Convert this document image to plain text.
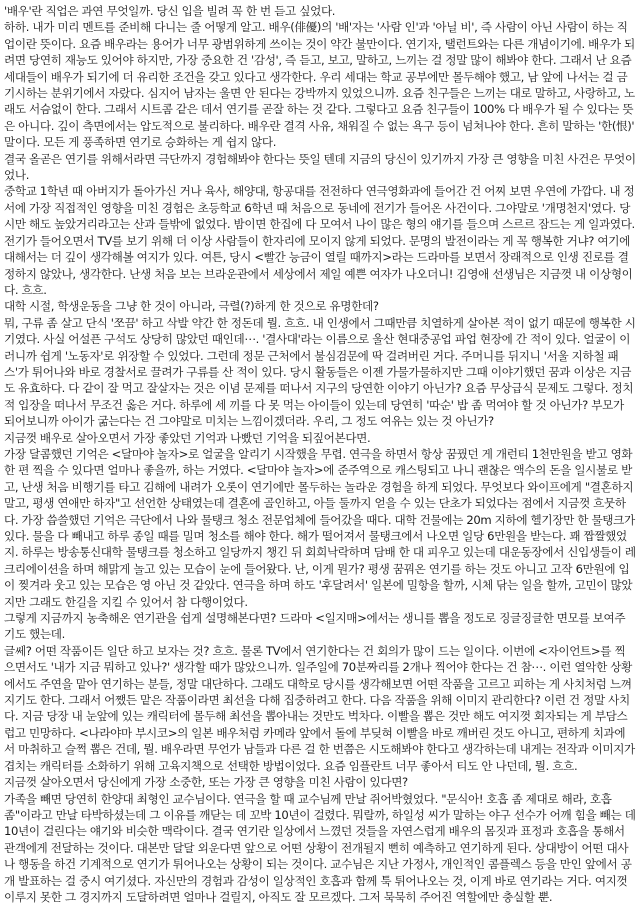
'배우'란 직업은 과연 무엇일까. 당신 입을 빌려 꼭 한 번 듣고 싶었다.

하하. 내가 미리 멘트를 준비해 다니는 줄 어떻게 알고. 배우(俳優)의 '배'자는 '사람 인'과 '아닐 비', 즉 사람이 아닌 사람이 하는 직업이란 뜻이다. 요즘 배우라는 용어가 너무 광범위하게 쓰이는 것이 약간 불만이다. 연기자, 탤런트와는 다른 개념이기에. 배우가 되려면 당연히 재능도 있어야 하지만, 가장 중요한 건 '감성', 즉 듣고, 보고, 말하고, 느끼는 걸 정말 많이 해봐야 한다. 그래서 난 요즘 세대들이 배우가 되기에 더 유리한 조건을 갖고 있다고 생각한다. 우리 세대는 학교 공부에만 몰두해야 했고, 남 앞에 나서는 걸 금기시하는 분위기에서 자랐다. 심지어 남자는 울면 안 된다는 강박까지 있었으니까. 요즘 친구들은 느끼는 대로 말하고, 사랑하고, 노래도 서슴없이 한다. 그래서 시트콤 같은 데서 연기를 곧잘 하는 것 같다. 그렇다고 요즘 친구들이 100% 다 배우가 될 수 있다는 뜻은 아니다. 깊이 측면에서는 압도적으로 불리하다. 배우란 결격 사유, 채워질 수 없는 욕구 등이 넘쳐나야 한다. 흔히 말하는 '한(恨)' 말이다. 모든 게 풍족하면 연기로 승화하는 게 쉽지 않다.

결국 올곧은 연기를 위해서라면 극단까지 경험해봐야 한다는 뜻일 텐데 지금의 당신이 있기까지 가장 큰 영향을 미친 사건은 무엇이었나.

중학교 1학년 때 아버지가 돌아가신 거나 육사, 해양대, 항공대를 전전하다 연극영화과에 들어간 건 어찌 보면 우연에 가깝다. 내 정서에 가장 직접적인 영향을 미친 경험은 초등학교 6학년 때 처음으로 동네에 전기가 들어온 사건이다. 그야말로 '개명천지'였다. 당시만 해도 높았거리라고는 산과 들밖에 없었다. 밤이면 한집에 다 모여서 나이 많은 형의 얘기를 들으며 스르르 잠드는 게 일과였다. 전기가 들어오면서 TV를 보기 위해 더 이상 사람들이 한자리에 모이지 않게 되었다. 문명의 발전이라는 게 꼭 행복한 거냐? 여기에 대해서는 더 깊이 생각해볼 여지가 있다. 여튼, 당시 <빨간 능금이 열릴 때까지>라는 드라마를 보면서 장래적으로 인생 진로를 결정하지 않았나, 생각한다. 난생 처음 보는 브라운관에서 세상에서 제일 예쁜 여자가 나오더니! 김영애 선생님은 지금껏 내 이상형이다. 흐흐.

대학 시절, 학생운동을 그냥 한 것이 아니라, 극렬(?)하게 한 것으로 유명한데?

뭐, 구류 좀 살고 단식 '쪼끔' 하고 삭발 약간 한 정돈데 뭘. 흐흐. 내 인생에서 그때만큼 치열하게 살아본 적이 없기 때문에 행복한 시기였다. 사실 어설픈 구석도 상당히 많았던 때인데⋯. '결사대'라는 이름으로 울산 현대중공업 파업 현장에 간 적이 있다. 얼굴이 이러니까 쉽게 '노동자'로 위장할 수 있었다. 그런데 정문 근처에서 불심검문에 딱 걸려버린 거다. 주머니를 뒤지니 '서울 지하철 패스'가 튀어나와 바로 경찰서로 끌려가 구류를 산 적이 있다. 당시 활동들은 이젠 가물가물하지만 그때 이야기했던 꿈과 이상은 지금도 유효하다. 다 같이 잘 먹고 잘살자는 것은 이념 문제를 떠나서 지구의 당연한 이야기 아닌가? 요즘 무상급식 문제도 그렇다. 정치적 입장을 떠나서 무조건 옳은 거다. 하루에 세 끼를 다 못 먹는 아이들이 있는데 당연히 '따순' 밥 좀 먹여야 할 것 아닌가? 부모가 되어보니까 아이가 굶는다는 건 그야말로 미치는 느낌이겠더라. 우리, 그 정도 여유는 있는 것 아닌가?

지금껏 배우로 살아오면서 가장 좋았던 기억과 나빴던 기억을 되짚어본다면.

가장 달콤했던 기억은 <달마야 놀자>로 얼굴을 알리기 시작했을 무렵. 연극을 하면서 항상 꿈꿨던 게 개런티 1천만원을 받고 영화 한 편 찍을 수 있다면 얼마나 좋을까, 하는 거였다. <달마야 놀자>에 준주역으로 캐스팅되고 나니 괜찮은 액수의 돈을 일시불로 받고, 난생 처음 비행기를 타고 김해에 내려가 오롯이 연기에만 몰두하는 놀라운 경험을 하게 되었다. 무엇보다 와이프에게 "결혼하지 말고, 평생 연애만 하자"고 선언한 상태였는데 결혼에 골인하고, 아들 둘까지 얻을 수 있는 단초가 되었다는 점에서 지금껏 흐뭇하다. 가장 씁쓸했던 기억은 극단에서 나와 물탱크 청소 전문업체에 들어갔을 때다. 대학 건물에는 20m 지하에 헬기장만 한 물탱크가 있다. 물을 다 빼내고 하루 종일 때를 밀며 청소를 해야 한다. 해가 떨어져서 물탱크에서 나오면 일당 6만원을 받는다. 꽤 짭짤했었지. 하루는 방송통신대학 물탱크를 청소하고 일당까지 챙긴 뒤 회희낙락하며 담배 한 대 피우고 있는데 대운동장에서 신입생들이 레크리에이션을 하며 해맑게 놀고 있는 모습이 눈에 들어왔다. 난, 이게 뭔가? 평생 꿈꿔온 연기를 하는 것도 아니고 고작 6만원에 입이 찢겨라 웃고 있는 모습은 영 아닌 것 같았다. 연극을 하며 하도 '후달려서' 일본에 밀항을 할까, 시체 닦는 일을 할까, 고민이 많았지만 그래도 한길을 지킬 수 있어서 참 다행이었다.

그렇게 지금까지 농축해온 연기관을 쉽게 설명해본다면? 드라마 <일지매>에서는 생니를 뽑을 정도로 징글징글한 면모를 보여주기도 했는데.

글쎄? 어떤 작품이든 일단 하고 보자는 것? 흐흐. 물론 TV에서 연기한다는 건 회의가 많이 드는 일이다. 이번에 <자이언트>를 찍으면서도 '내가 지금 뭐하고 있나?' 생각할 때가 많았으니까. 일주일에 70분짜리를 2개나 찍어야 한다는 건 참⋯. 이런 열악한 상황에서도 주연을 맡아 연기하는 분들, 정말 대단하다. 그래도 대학로 당시를 생각해보면 어떤 작품을 고르고 피하는 게 사치처럼 느껴지기도 한다. 그래서 어쨌든 맡은 작품이라면 최선을 다해 집중하려고 한다. 다음 작품을 위해 이미지 관리한다? 이런 건 정말 사치다. 지금 당장 내 눈앞에 있는 캐릭터에 몰두해 최선을 뽑아내는 것만도 벅차다. 이빨을 뽑은 것만 해도 여지껏 회자되는 게 부담스럽고 민망하다. <나라야마 부시코>의 일본 배우처럼 카메라 앞에서 돌에 부딪혀 이빨을 바로 깨버린 것도 아니고, 편하게 치과에서 마취하고 슬쩍 뽑은 건데, 뭘. 배우라면 무언가 남들과 다른 걸 한 번쯤은 시도해봐야 한다고 생각하는데 내게는 전작과 이미지가 겹치는 캐릭터를 소화하기 위해 고육지책으로 선택한 방법이었다. 요즘 임플란트 너무 좋아서 티도 안 나던데, 뭘. 흐흐.

지금껏 살아오면서 당신에게 가장 소중한, 또는 가장 큰 영향을 미친 사람이 있다면?

가족을 빼면 당연히 한양대 최형인 교수님이다. 연극을 할 때 교수님께 만날 쥐어박혔었다. "문식아! 호흡 좀 제대로 해라, 호흡 좀"이라고 만날 타박하셨는데 그 이유를 깨닫는 데 꼬박 10년이 걸렸다. 뭐랄까, 하일성 씨가 말하는 야구 선수가 어깨 힘을 빼는 데 10년이 걸린다는 얘기와 비슷한 맥락이다. 결국 연기란 일상에서 느꼈던 것들을 자연스럽게 배우의 몸짓과 표정과 호흡을 통해서 관객에게 전달하는 것이다. 대본만 달달 외운다면 앞으로 어떤 상황이 전개될지 뻔히 예측하고 연기하게 된다. 상대방이 어떤 대사나 행동을 하건 기계적으로 연기가 튀어나오는 상황이 되는 것이다. 교수님은 지난 가정사, 개인적인 콤플렉스 등을 만인 앞에서 공개 발표하는 걸 중시 여기셨다. 자신만의 경험과 감성이 일상적인 호흡과 함께 툭 튀어나오는 것, 이게 바로 연기라는 거다. 여지껏 이루지 못한 그 경지까지 도달하려면 얼마나 걸릴지, 아직도 잘 모르겠다. 그저 묵묵히 주어진 역할에만 충실할 뿐.
